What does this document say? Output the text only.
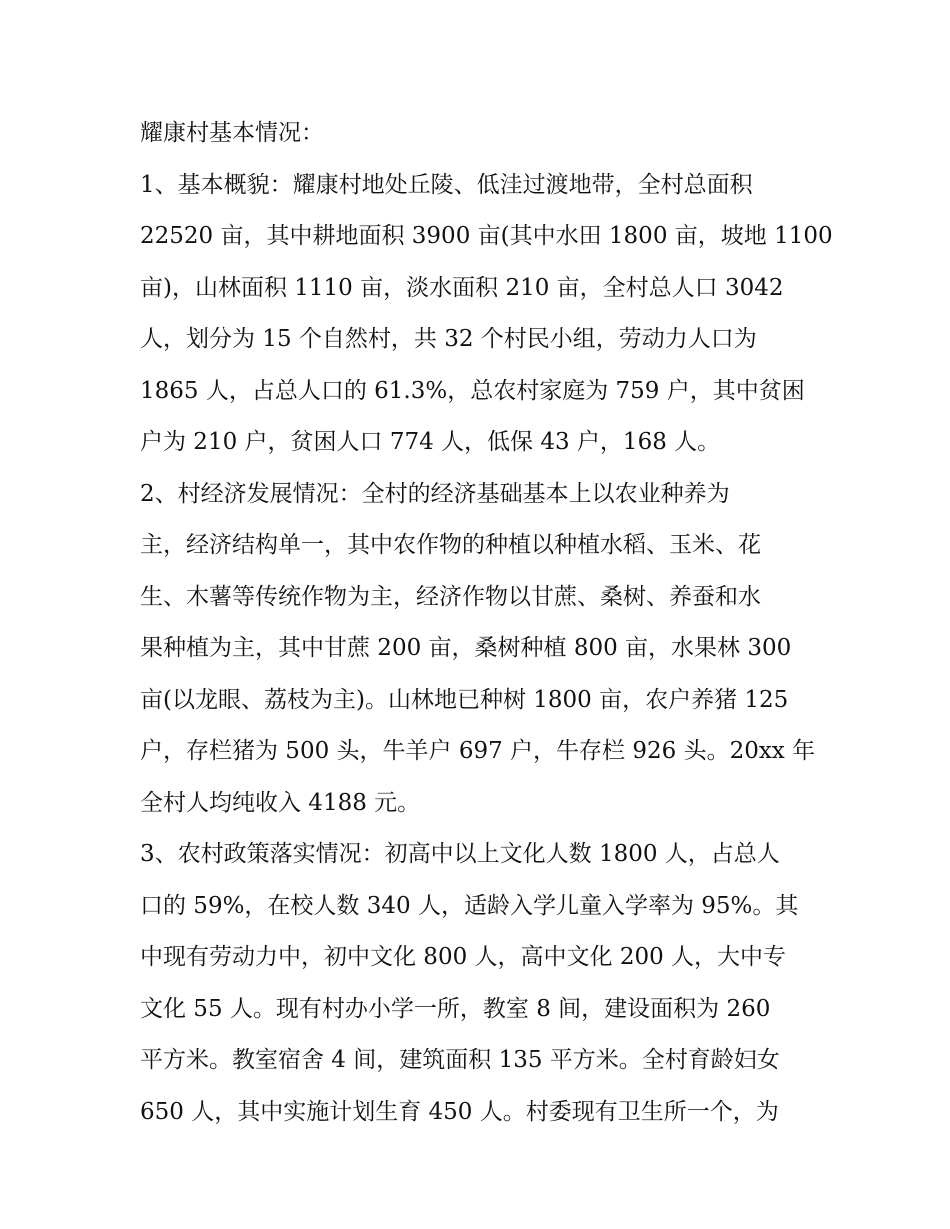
耀康村基本情况：
1、基本概貌：耀康村地处丘陵、低洼过渡地带，全村总面积
22520 亩，其中耕地面积 3900 亩(其中水田 1800 亩，坡地 1100
亩)，山林面积 1110 亩，淡水面积 210 亩，全村总人口 3042
人，划分为 15 个自然村，共 32 个村民小组，劳动力人口为
1865 人，占总人口的 61.3%，总农村家庭为 759 户，其中贫困
户为 210 户，贫困人口 774 人，低保 43 户，168 人。
2、村经济发展情况：全村的经济基础基本上以农业种养为
主，经济结构单一，其中农作物的种植以种植水稻、玉米、花
生、木薯等传统作物为主，经济作物以甘蔗、桑树、养蚕和水
果种植为主，其中甘蔗 200 亩，桑树种植 800 亩，水果林 300
亩(以龙眼、荔枝为主)。山林地已种树 1800 亩，农户养猪 125
户，存栏猪为 500 头，牛羊户 697 户，牛存栏 926 头。20xx 年
全村人均纯收入 4188 元。
3、农村政策落实情况：初高中以上文化人数 1800 人，占总人
口的 59%，在校人数 340 人，适龄入学儿童入学率为 95%。其
中现有劳动力中，初中文化 800 人，高中文化 200 人，大中专
文化 55 人。现有村办小学一所，教室 8 间，建设面积为 260
平方米。教室宿舍 4 间，建筑面积 135 平方米。全村育龄妇女
650 人，其中实施计划生育 450 人。村委现有卫生所一个，为
